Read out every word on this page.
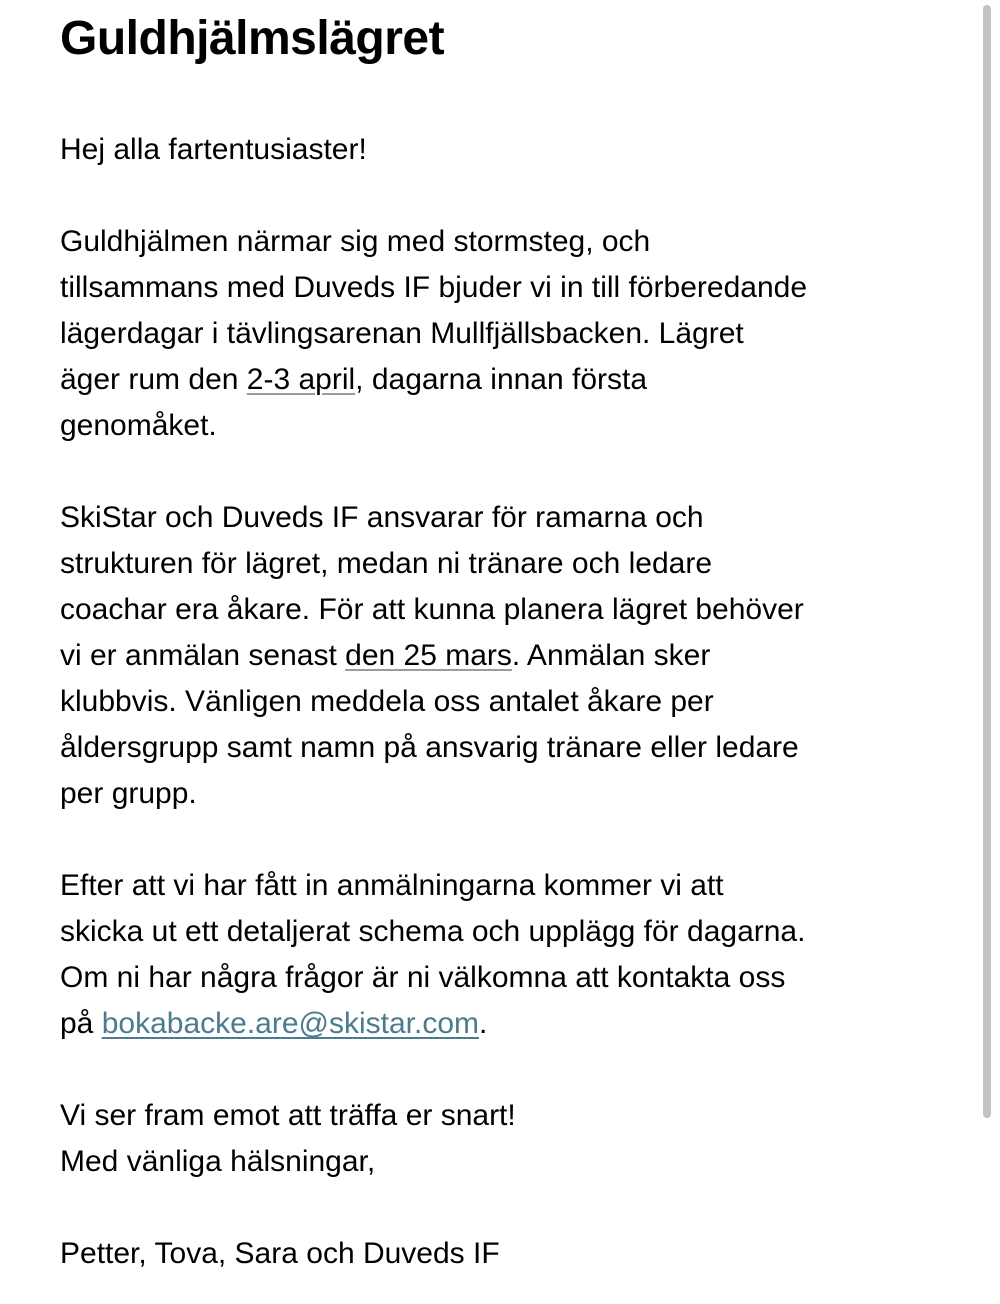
Guldhjälmslägret
Hej alla fartentusiaster!
Guldhjälmen närmar sig med stormsteg, och
tillsammans med Duveds IF bjuder vi in till förberedande
lägerdagar i tävlingsarenan Mullfjällsbacken. Lägret
äger rum den 2-3 april, dagarna innan första
genomåket.
SkiStar och Duveds IF ansvarar för ramarna och
strukturen för lägret, medan ni tränare och ledare
coachar era åkare. För att kunna planera lägret behöver
vi er anmälan senast den 25 mars. Anmälan sker
klubbvis. Vänligen meddela oss antalet åkare per
åldersgrupp samt namn på ansvarig tränare eller ledare
per grupp.
Efter att vi har fått in anmälningarna kommer vi att
skicka ut ett detaljerat schema och upplägg för dagarna.
Om ni har några frågor är ni välkomna att kontakta oss
på bokabacke.are@skistar.com.
Vi ser fram emot att träffa er snart!
Med vänliga hälsningar,
Petter, Tova, Sara och Duveds IF
